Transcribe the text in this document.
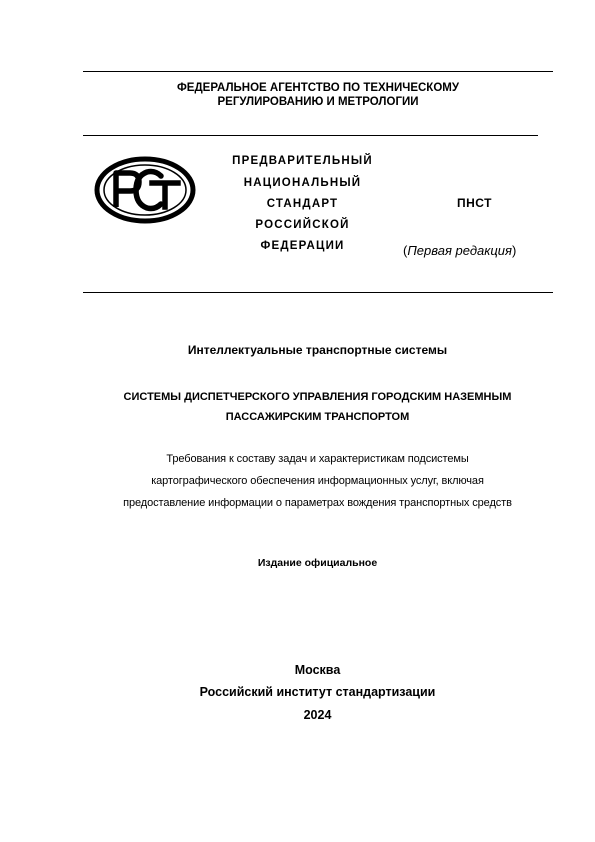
ФЕДЕРАЛЬНОЕ АГЕНТСТВО ПО ТЕХНИЧЕСКОМУ
РЕГУЛИРОВАНИЮ И МЕТРОЛОГИИ
ПРЕДВАРИТЕЛЬНЫЙ
НАЦИОНАЛЬНЫЙ
СТАНДАРТ
РОССИЙСКОЙ
ФЕДЕРАЦИИ
ПНСТ
(Первая редакция)
Интеллектуальные транспортные системы
СИСТЕМЫ ДИСПЕТЧЕРСКОГО УПРАВЛЕНИЯ ГОРОДСКИМ НАЗЕМНЫМ
ПАССАЖИРСКИМ ТРАНСПОРТОМ
Требования к составу задач и характеристикам подсистемы
картографического обеспечения информационных услуг, включая
предоставление информации о параметрах вождения транспортных средств
Издание официальное
Москва
Российский институт стандартизации
2024
